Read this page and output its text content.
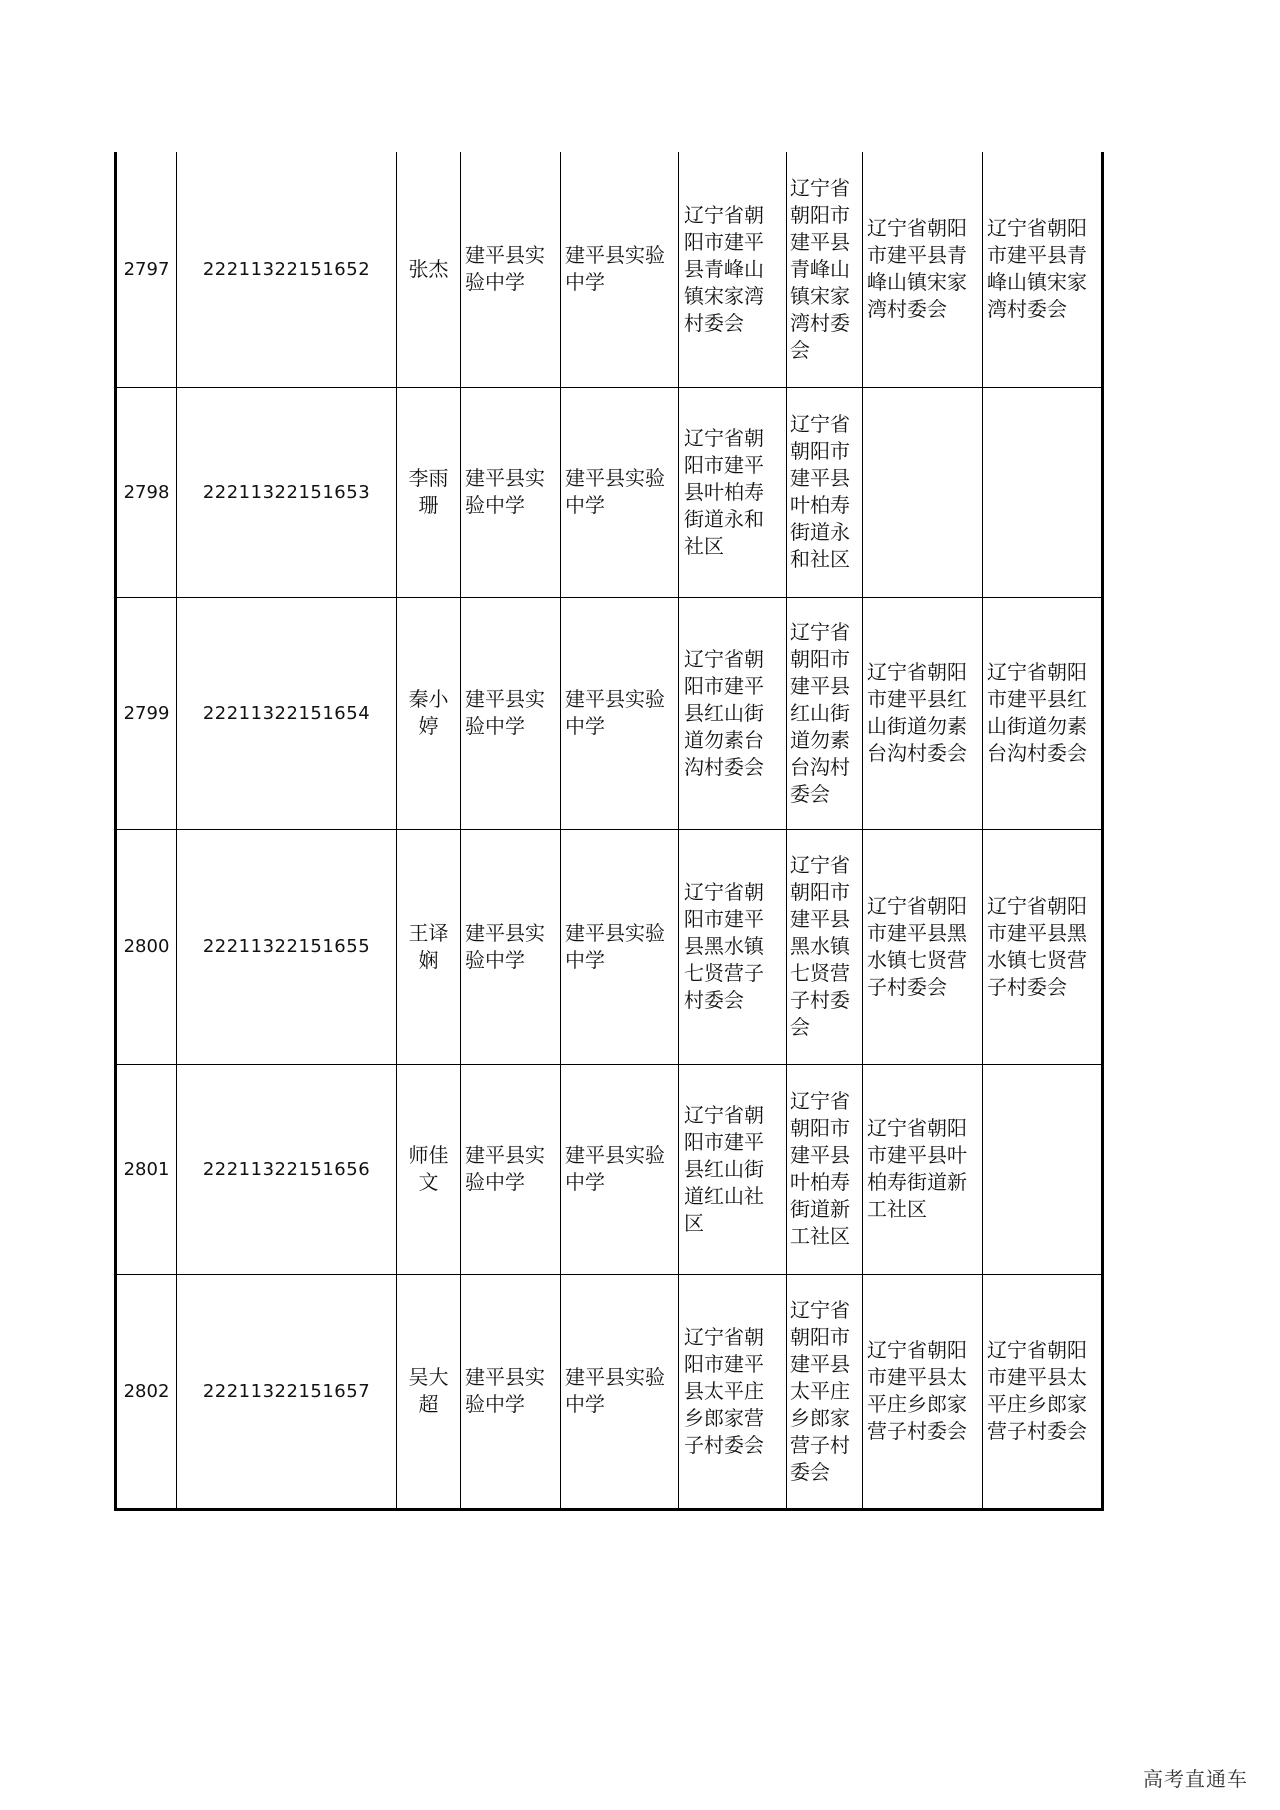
2797	22211322151652	张杰	建平县实验中学	建平县实验中学	辽宁省朝阳市建平县青峰山镇宋家湾村委会	辽宁省朝阳市建平县青峰山镇宋家湾村委会	辽宁省朝阳市建平县青峰山镇宋家湾村委会	辽宁省朝阳市建平县青峰山镇宋家湾村委会
2798	22211322151653	李雨珊	建平县实验中学	建平县实验中学	辽宁省朝阳市建平县叶柏寿街道永和社区	辽宁省朝阳市建平县叶柏寿街道永和社区		
2799	22211322151654	秦小婷	建平县实验中学	建平县实验中学	辽宁省朝阳市建平县红山街道勿素台沟村委会	辽宁省朝阳市建平县红山街道勿素台沟村委会	辽宁省朝阳市建平县红山街道勿素台沟村委会	辽宁省朝阳市建平县红山街道勿素台沟村委会
2800	22211322151655	王译娴	建平县实验中学	建平县实验中学	辽宁省朝阳市建平县黑水镇七贤营子村委会	辽宁省朝阳市建平县黑水镇七贤营子村委会	辽宁省朝阳市建平县黑水镇七贤营子村委会	辽宁省朝阳市建平县黑水镇七贤营子村委会
2801	22211322151656	师佳文	建平县实验中学	建平县实验中学	辽宁省朝阳市建平县红山街道红山社区	辽宁省朝阳市建平县叶柏寿街道新工社区	辽宁省朝阳市建平县叶柏寿街道新工社区	
2802	22211322151657	吴大超	建平县实验中学	建平县实验中学	辽宁省朝阳市建平县太平庄乡郎家营子村委会	辽宁省朝阳市建平县太平庄乡郎家营子村委会	辽宁省朝阳市建平县太平庄乡郎家营子村委会	辽宁省朝阳市建平县太平庄乡郎家营子村委会
高考直通车
